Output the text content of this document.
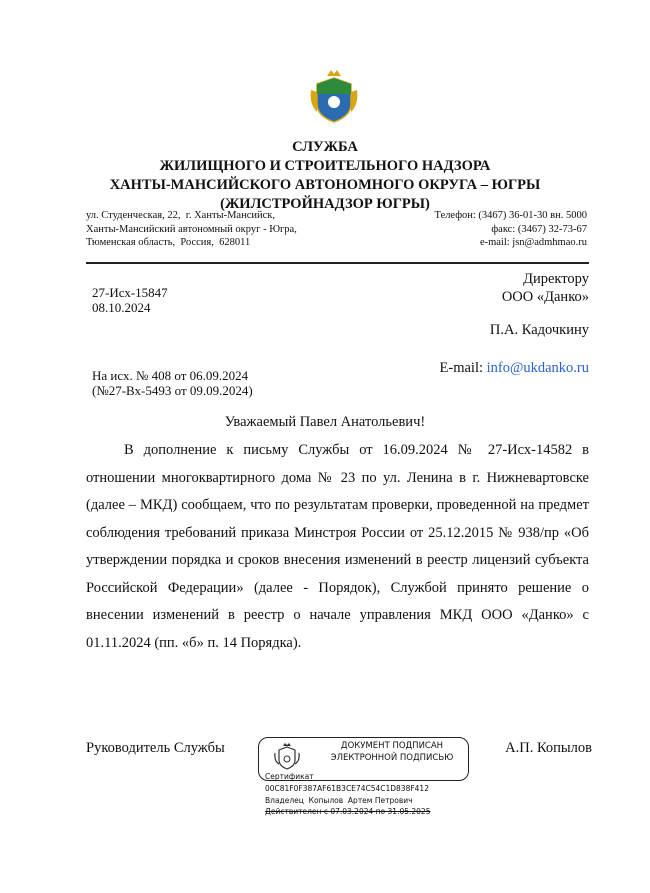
СЛУЖБА
ЖИЛИЩНОГО И СТРОИТЕЛЬНОГО НАДЗОРА
ХАНТЫ-МАНСИЙСКОГО АВТОНОМНОГО ОКРУГА – ЮГРЫ
(ЖИЛСТРОЙНАДЗОР ЮГРЫ)
ул. Студенческая, 22,  г. Ханты-Мансийск,
Ханты-Мансийский автономный округ - Югра,
Тюменская область,  Россия,  628011
Телефон: (3467) 36-01-30 вн. 5000
факс: (3467) 32-73-67
e-mail: jsn@admhmao.ru
27-Исх-15847
08.10.2024
Директору
ООО «Данко»
П.А. Кадочкину
E-mail: info@ukdanko.ru
На исх. № 408 от 06.09.2024
(№27-Вх-5493 от 09.09.2024)
Уважаемый Павел Анатольевич!

В дополнение к письму Службы от 16.09.2024 № 27-Исх-14582 в отношении многоквартирного дома № 23 по ул. Ленина в г. Нижневартовске (далее – МКД) сообщаем, что по результатам проверки, проведенной на предмет соблюдения требований приказа Минстроя России от 25.12.2015 № 938/пр «Об утверждении порядка и сроков внесения изменений в реестр лицензий субъекта Российской Федерации» (далее - Порядок), Службой принято решение о внесении изменений в реестр о начале управления МКД ООО «Данко» с 01.11.2024 (пп. «б» п. 14 Порядка).

Руководитель Службы	А.П. Копылов
ДОКУМЕНТ ПОДПИСАН
ЭЛЕКТРОННОЙ ПОДПИСЬЮ
Сертификат
00C81F0F387AF61B3CE74C54C1D838F412
Владелец  Копылов  Артем Петрович
Действителен с 07.03.2024 по 31.05.2025
